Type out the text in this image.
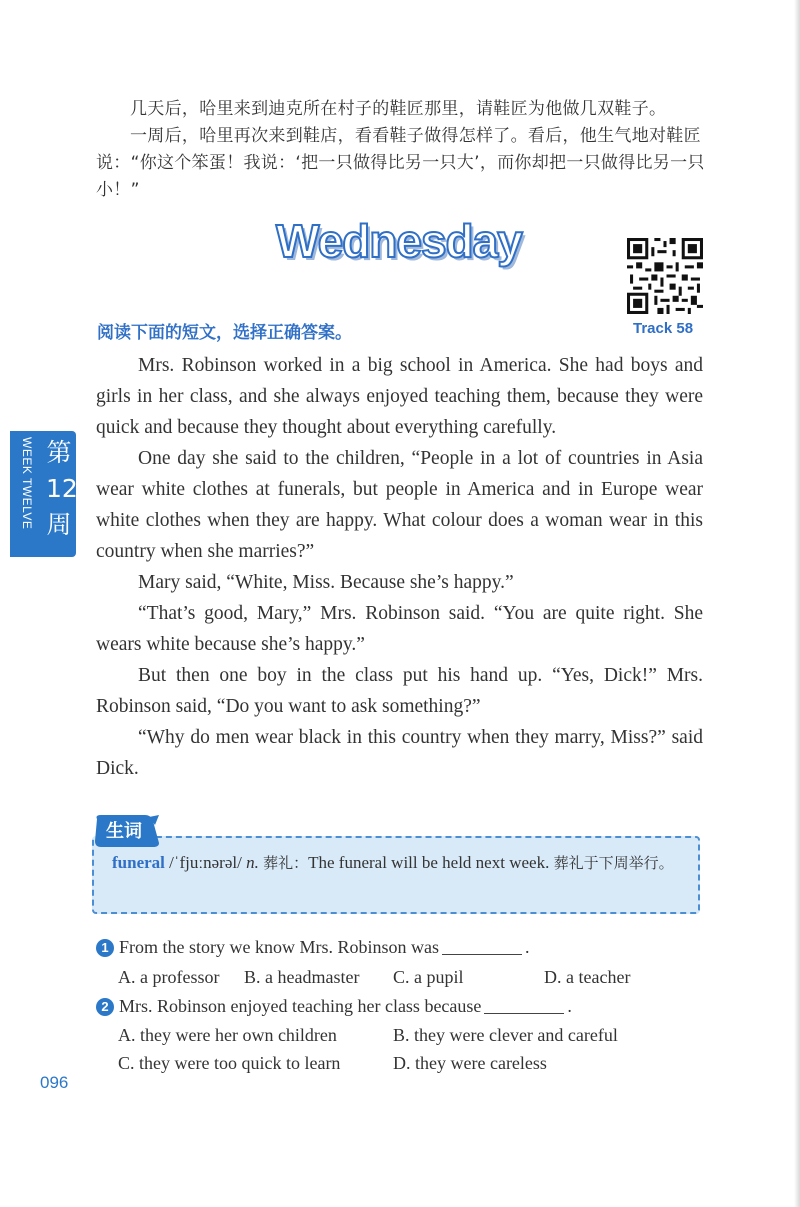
几天后，哈里来到迪克所在村子的鞋匠那里，请鞋匠为他做几双鞋子。
一周后，哈里再次来到鞋店，看看鞋子做得怎样了。看后，他生气地对鞋匠说：“你这个笨蛋！我说：‘把一只做得比另一只大’，而你却把一只做得比另一只小！”
Wednesday
Track 58
阅读下面的短文，选择正确答案。

Mrs. Robinson worked in a big school in America. She had boys and girls in her class, and she always enjoyed teaching them, because they were quick and because they thought about everything carefully.

One day she said to the children, “People in a lot of countries in Asia wear white clothes at funerals, but people in America and in Europe wear white clothes when they are happy. What colour does a woman wear in this country when she marries?”

Mary said, “White, Miss. Because she’s happy.”

“That’s good, Mary,” Mrs. Robinson said. “You are quite right. She wears white because she’s happy.”

But then one boy in the class put his hand up. “Yes, Dick!” Mrs. Robinson said, “Do you want to ask something?”

“Why do men wear black in this country when they marry, Miss?” said Dick.

WEEK TWELVE 第12周
生词
funeral /ˈfjuːnərəl/ n. 葬礼：The funeral will be held next week. 葬礼于下周举行。
1 From the story we know Mrs. Robinson was	.
A. a professor B. a headmaster C. a pupil	D. a teacher
2 Mrs. Robinson enjoyed teaching her class because	.
A. they were her own children	B. they were clever and careful
C. they were too quick to learn	D. they were careless
096
